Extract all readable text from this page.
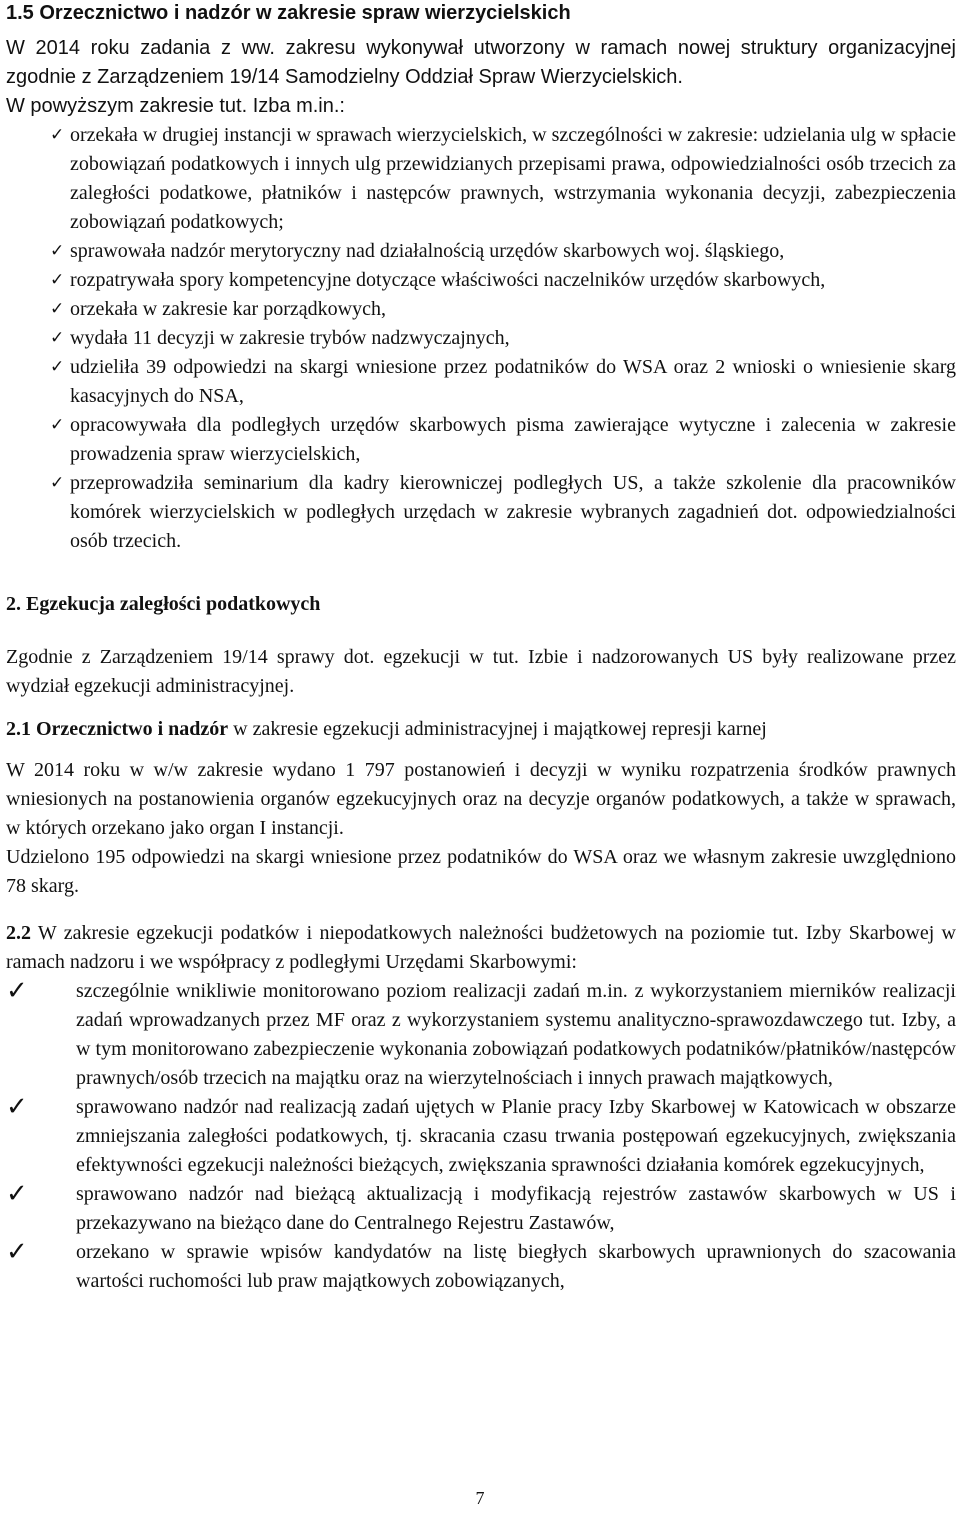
1.5 Orzecznictwo i nadzór w zakresie spraw wierzycielskich

W 2014 roku zadania z ww. zakresu wykonywał utworzony w ramach nowej struktury organizacyjnej zgodnie z Zarządzeniem 19/14 Samodzielny Oddział Spraw Wierzycielskich.
W powyższym zakresie tut. Izba m.in.:

✓ orzekała w drugiej instancji w sprawach wierzycielskich, w szczególności w zakresie: udzielania ulg w spłacie zobowiązań podatkowych i innych ulg przewidzianych przepisami prawa, odpowiedzialności osób trzecich za zaległości podatkowe, płatników i następców prawnych, wstrzymania wykonania decyzji, zabezpieczenia zobowiązań podatkowych;
✓ sprawowała nadzór merytoryczny nad działalnością urzędów skarbowych woj. śląskiego,
✓ rozpatrywała spory kompetencyjne dotyczące właściwości naczelników urzędów skarbowych,
✓ orzekała w zakresie kar porządkowych,
✓ wydała 11 decyzji w zakresie trybów nadzwyczajnych,
✓ udzieliła 39 odpowiedzi na skargi wniesione przez podatników do WSA oraz 2 wnioski o wniesienie skarg kasacyjnych do NSA,
✓ opracowywała dla podległych urzędów skarbowych pisma zawierające wytyczne i zalecenia w zakresie prowadzenia spraw wierzycielskich,
✓ przeprowadziła seminarium dla kadry kierowniczej podległych US, a także szkolenie dla pracowników komórek wierzycielskich w podległych urzędach w zakresie wybranych zagadnień dot. odpowiedzialności osób trzecich.
2. Egzekucja zaległości podatkowych

Zgodnie z Zarządzeniem 19/14 sprawy dot. egzekucji w tut. Izbie i nadzorowanych US były realizowane przez wydział egzekucji administracyjnej.

2.1 Orzecznictwo i nadzór w zakresie egzekucji administracyjnej i majątkowej represji karnej

W 2014 roku w w/w zakresie wydano 1 797 postanowień i decyzji w wyniku rozpatrzenia środków prawnych wniesionych na postanowienia organów egzekucyjnych oraz na decyzje organów podatkowych, a także w sprawach, w których orzekano jako organ I instancji.

Udzielono 195 odpowiedzi na skargi wniesione przez podatników do WSA oraz we własnym zakresie uwzględniono 78 skarg.

2.2 W zakresie egzekucji podatków i niepodatkowych należności budżetowych na poziomie tut. Izby Skarbowej w ramach nadzoru i we współpracy z podległymi Urzędami Skarbowymi:

✓ szczególnie wnikliwie monitorowano poziom realizacji zadań m.in. z wykorzystaniem mierników realizacji zadań wprowadzanych przez MF oraz z wykorzystaniem systemu analityczno-sprawozdawczego tut. Izby, a w tym monitorowano zabezpieczenie wykonania zobowiązań podatkowych podatników/płatników/następców prawnych/osób trzecich na majątku oraz na wierzytelnościach i innych prawach majątkowych,
✓ sprawowano nadzór nad realizacją zadań ujętych w Planie pracy Izby Skarbowej w Katowicach w obszarze zmniejszania zaległości podatkowych, tj. skracania czasu trwania postępowań egzekucyjnych, zwiększania efektywności egzekucji należności bieżących, zwiększania sprawności działania komórek egzekucyjnych,
✓ sprawowano nadzór nad bieżącą aktualizacją i modyfikacją rejestrów zastawów skarbowych w US i przekazywano na bieżąco dane do Centralnego Rejestru Zastawów,
✓ orzekano w sprawie wpisów kandydatów na listę biegłych skarbowych uprawnionych do szacowania wartości ruchomości lub praw majątkowych zobowiązanych,
7
